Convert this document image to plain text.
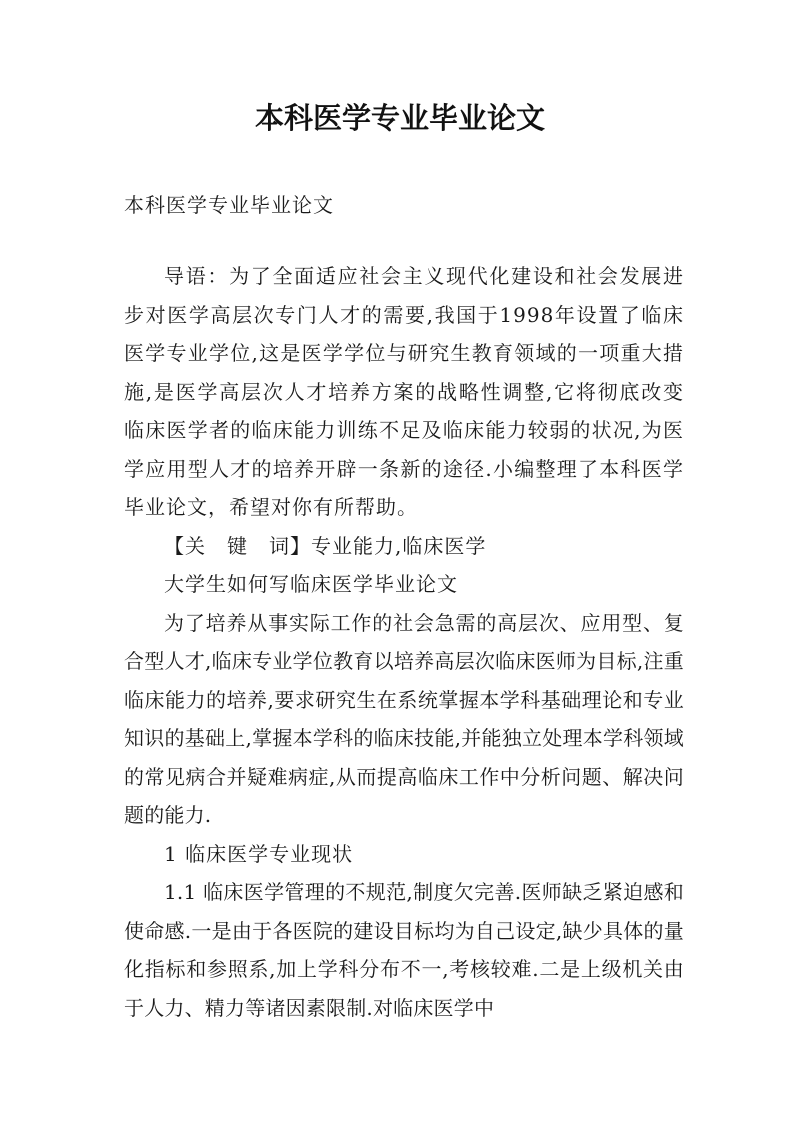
本科医学专业毕业论文

本科医学专业毕业论文

导语：为了全面适应社会主义现代化建设和社会发展进步对医学高层次专门人才的需要,我国于1998年设置了临床医学专业学位,这是医学学位与研究生教育领域的一项重大措施,是医学高层次人才培养方案的战略性调整,它将彻底改变临床医学者的临床能力训练不足及临床能力较弱的状况,为医学应用型人才的培养开辟一条新的途径.小编整理了本科医学毕业论文，希望对你有所帮助。

【关　键　词】专业能力,临床医学

大学生如何写临床医学毕业论文

为了培养从事实际工作的社会急需的高层次、应用型、复合型人才,临床专业学位教育以培养高层次临床医师为目标,注重临床能力的培养,要求研究生在系统掌握本学科基础理论和专业知识的基础上,掌握本学科的临床技能,并能独立处理本学科领域的常见病合并疑难病症,从而提高临床工作中分析问题、解决问题的能力.

1 临床医学专业现状

1.1 临床医学管理的不规范,制度欠完善.医师缺乏紧迫感和使命感.一是由于各医院的建设目标均为自己设定,缺少具体的量化指标和参照系,加上学科分布不一,考核较难.二是上级机关由于人力、精力等诸因素限制.对临床医学中
